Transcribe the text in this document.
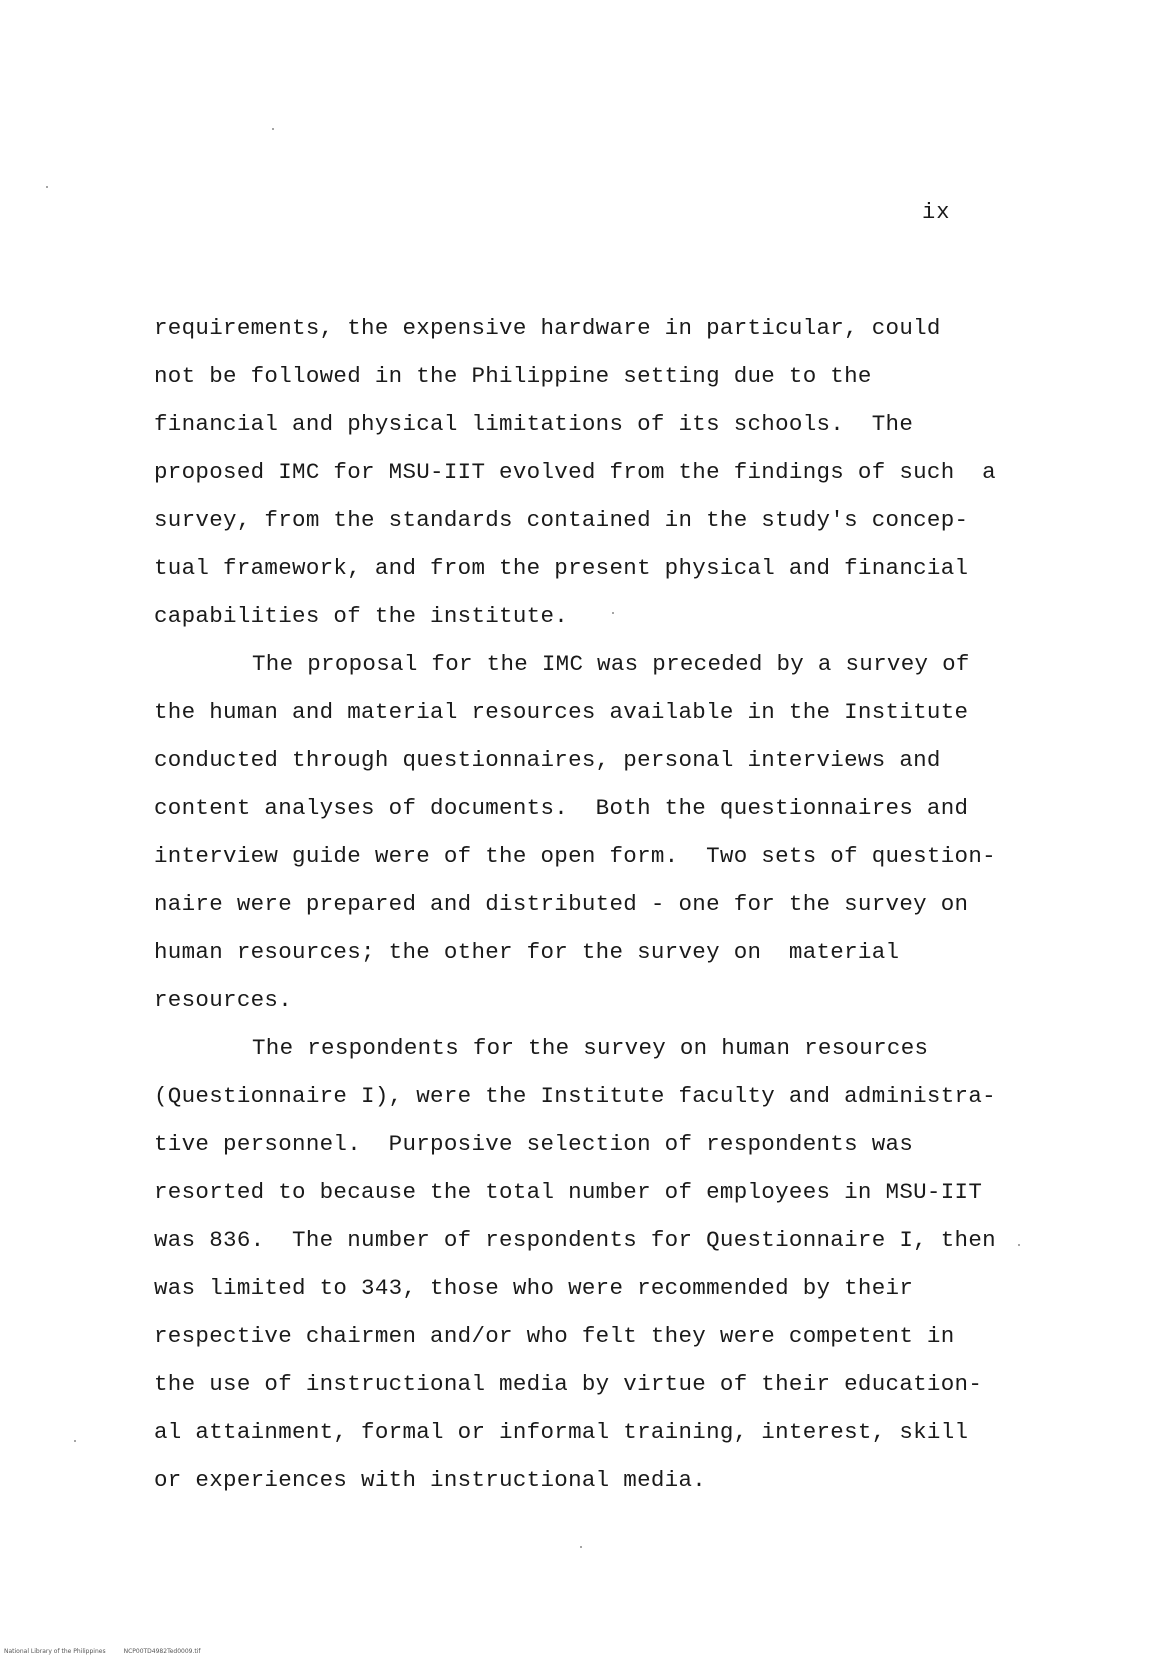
ix
requirements, the expensive hardware in particular, could
not be followed in the Philippine setting due to the
financial and physical limitations of its schools.  The
proposed IMC for MSU-IIT evolved from the findings of such  a
survey, from the standards contained in the study's concep-
tual framework, and from the present physical and financial
capabilities of the institute.
The proposal for the IMC was preceded by a survey of
the human and material resources available in the Institute
conducted through questionnaires, personal interviews and
content analyses of documents.  Both the questionnaires and
interview guide were of the open form.  Two sets of question-
naire were prepared and distributed - one for the survey on
human resources; the other for the survey on  material
resources.
The respondents for the survey on human resources
(Questionnaire I), were the Institute faculty and administra-
tive personnel.  Purposive selection of respondents was
resorted to because the total number of employees in MSU-IIT
was 836.  The number of respondents for Questionnaire I, then
was limited to 343, those who were recommended by their
respective chairmen and/or who felt they were competent in
the use of instructional media by virtue of their education-
al attainment, formal or informal training, interest, skill
or experiences with instructional media.
National Library of the Philippines	NCP00TD4982Ted0009.tif
